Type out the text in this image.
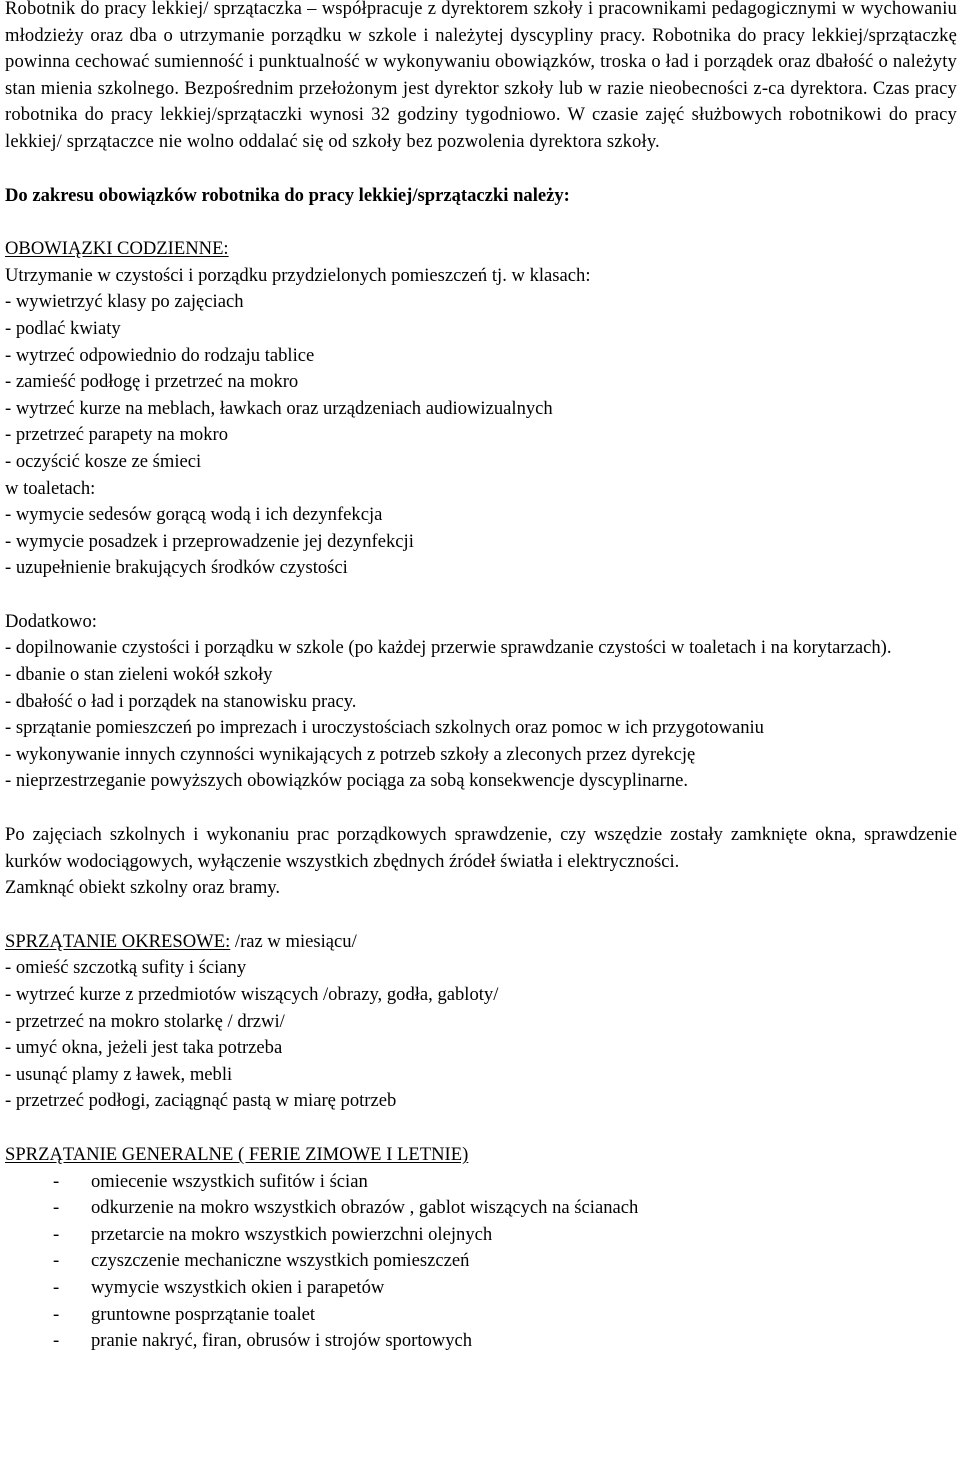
Robotnik do pracy lekkiej/ sprzątaczka – współpracuje z dyrektorem szkoły i pracownikami pedagogicznymi w wychowaniu młodzieży oraz dba o utrzymanie porządku w szkole i należytej dyscypliny pracy. Robotnika do pracy lekkiej/sprzątaczkę powinna cechować sumienność i punktualność w wykonywaniu obowiązków, troska o ład i porządek oraz dbałość o należyty stan mienia szkolnego. Bezpośrednim przełożonym jest dyrektor szkoły lub w razie nieobecności z-ca dyrektora. Czas pracy robotnika do pracy lekkiej/sprzątaczki wynosi 32 godziny tygodniowo. W czasie zajęć służbowych robotnikowi do pracy lekkiej/ sprzątaczce nie wolno oddalać się od szkoły bez pozwolenia dyrektora szkoły.

Do zakresu obowiązków robotnika do pracy lekkiej/sprzątaczki należy:

OBOWIĄZKI CODZIENNE:

Utrzymanie w czystości i porządku przydzielonych pomieszczeń tj. w klasach:

- wywietrzyć klasy po zajęciach

- podlać kwiaty

- wytrzeć odpowiednio do rodzaju tablice

- zamieść podłogę i przetrzeć na mokro

- wytrzeć kurze na meblach, ławkach oraz urządzeniach audiowizualnych

- przetrzeć parapety na mokro

- oczyścić kosze ze śmieci

w toaletach:

- wymycie sedesów gorącą wodą i ich dezynfekcja

- wymycie posadzek i przeprowadzenie jej dezynfekcji

- uzupełnienie brakujących środków czystości

Dodatkowo:

- dopilnowanie czystości i porządku w szkole (po każdej przerwie sprawdzanie czystości w toaletach i na korytarzach).

- dbanie o stan zieleni wokół szkoły

- dbałość o ład i porządek na stanowisku pracy.

- sprzątanie pomieszczeń po imprezach i uroczystościach szkolnych oraz pomoc w ich przygotowaniu

- wykonywanie innych czynności wynikających z potrzeb szkoły a zleconych przez dyrekcję

- nieprzestrzeganie powyższych obowiązków pociąga za sobą konsekwencje dyscyplinarne.

Po zajęciach szkolnych i wykonaniu prac porządkowych sprawdzenie, czy wszędzie zostały zamknięte okna, sprawdzenie kurków wodociągowych, wyłączenie wszystkich zbędnych źródeł światła i elektryczności.

Zamknąć obiekt szkolny oraz bramy.

SPRZĄTANIE OKRESOWE: /raz w miesiącu/

- omieść szczotką sufity i ściany

- wytrzeć kurze z przedmiotów wiszących /obrazy, godła, gabloty/

- przetrzeć na mokro stolarkę / drzwi/

- umyć okna, jeżeli jest taka potrzeba

- usunąć plamy z ławek, mebli

- przetrzeć podłogi, zaciągnąć pastą w miarę potrzeb

SPRZĄTANIE GENERALNE ( FERIE ZIMOWE I LETNIE)

-	omiecenie wszystkich sufitów i ścian
-	odkurzenie na mokro wszystkich obrazów , gablot wiszących na ścianach
-	przetarcie na mokro wszystkich powierzchni olejnych
-	czyszczenie mechaniczne wszystkich pomieszczeń
-	wymycie wszystkich okien i parapetów
-	gruntowne posprzątanie toalet
-	pranie nakryć, firan, obrusów i strojów sportowych
